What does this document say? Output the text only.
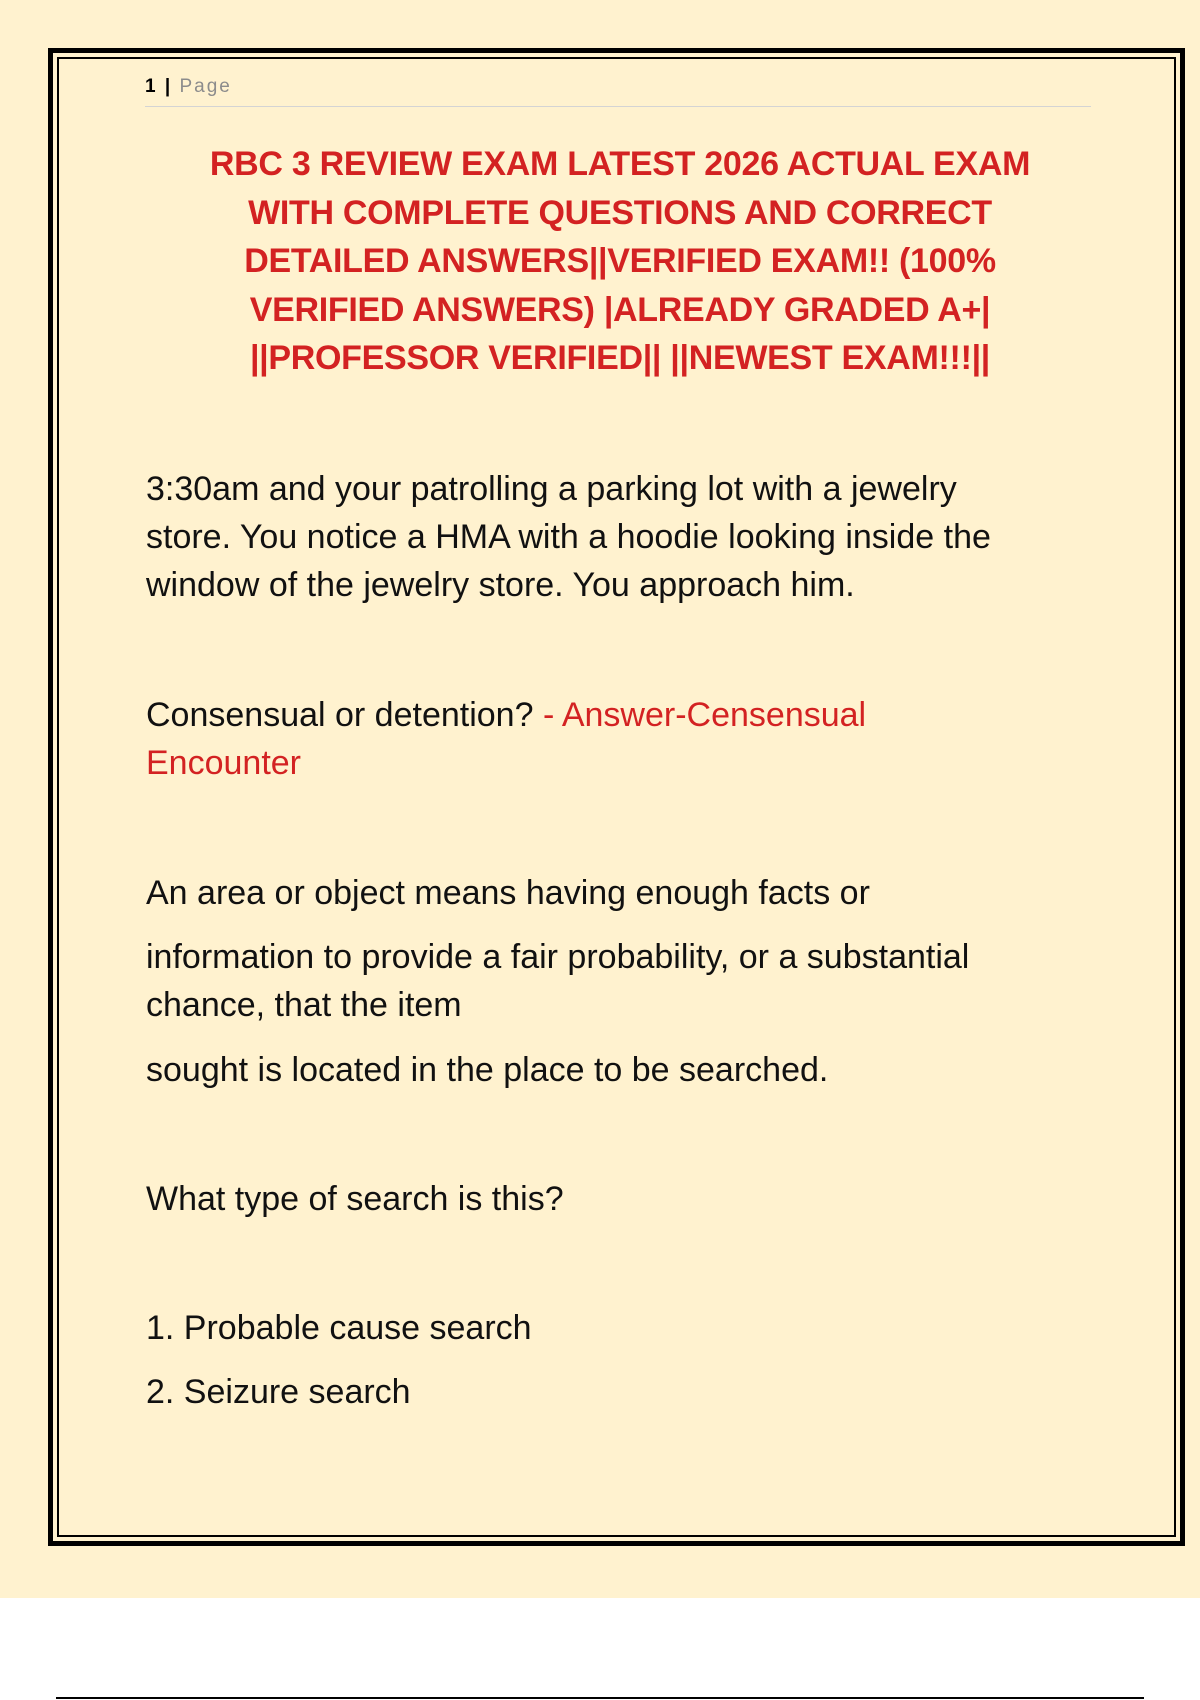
1 | Page
RBC 3 REVIEW EXAM LATEST 2026 ACTUAL EXAM
WITH COMPLETE QUESTIONS AND CORRECT
DETAILED ANSWERS||VERIFIED EXAM!! (100%
VERIFIED ANSWERS) |ALREADY GRADED A+|
||PROFESSOR VERIFIED|| ||NEWEST EXAM!!!||
3:30am and your patrolling a parking lot with a jewelry
store. You notice a HMA with a hoodie looking inside the
window of the jewelry store. You approach him.
Consensual or detention? - Answer-Censensual
Encounter
An area or object means having enough facts or
information to provide a fair probability, or a substantial
chance, that the item
sought is located in the place to be searched.
What type of search is this?
1. Probable cause search
2. Seizure search
